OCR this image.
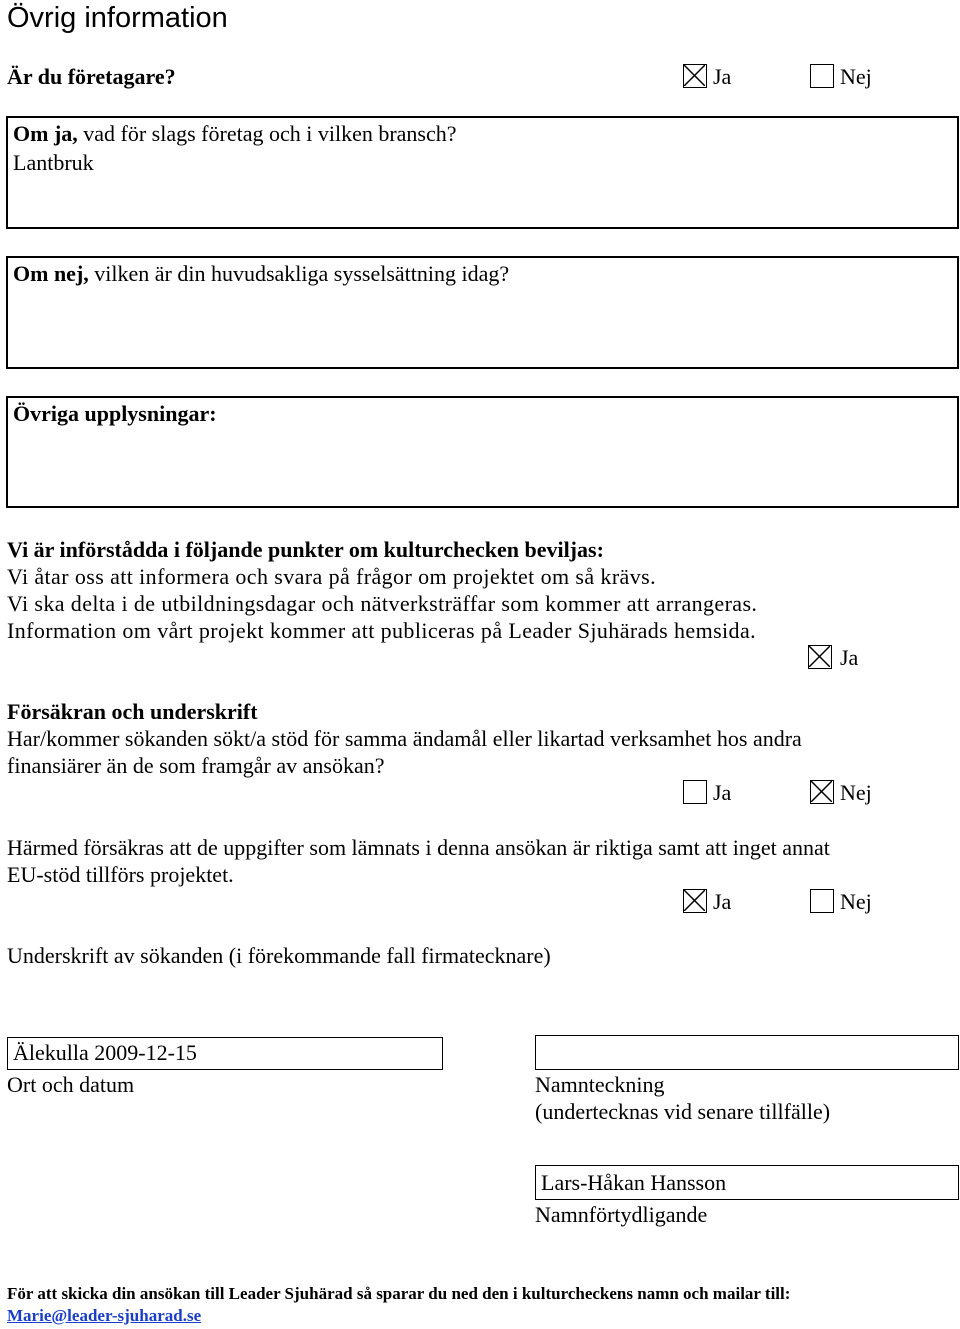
Övrig information
Är du företagare?	Ja	Nej
Om ja, vad för slags företag och i vilken bransch?
Lantbruk
Om nej, vilken är din huvudsakliga sysselsättning idag?
Övriga upplysningar:
Vi är införstådda i följande punkter om kulturchecken beviljas:
Vi åtar oss att informera och svara på frågor om projektet om så krävs.
Vi ska delta i de utbildningsdagar och nätverksträffar som kommer att arrangeras.
Information om vårt projekt kommer att publiceras på Leader Sjuhärads hemsida.
Ja
Försäkran och underskrift
Har/kommer sökanden sökt/a stöd för samma ändamål eller likartad verksamhet hos andra
finansiärer än de som framgår av ansökan?
Ja	Nej
Härmed försäkras att de uppgifter som lämnats i denna ansökan är riktiga samt att inget annat
EU-stöd tillförs projektet.
Ja	Nej
Underskrift av sökanden (i förekommande fall firmatecknare)
Älekulla 2009-12-15
Ort och datum	Namnteckning
(undertecknas vid senare tillfälle)
Lars-Håkan Hansson
Namnförtydligande
För att skicka din ansökan till Leader Sjuhärad så sparar du ned den i kulturcheckens namn och mailar till:
Marie@leader-sjuharad.se
